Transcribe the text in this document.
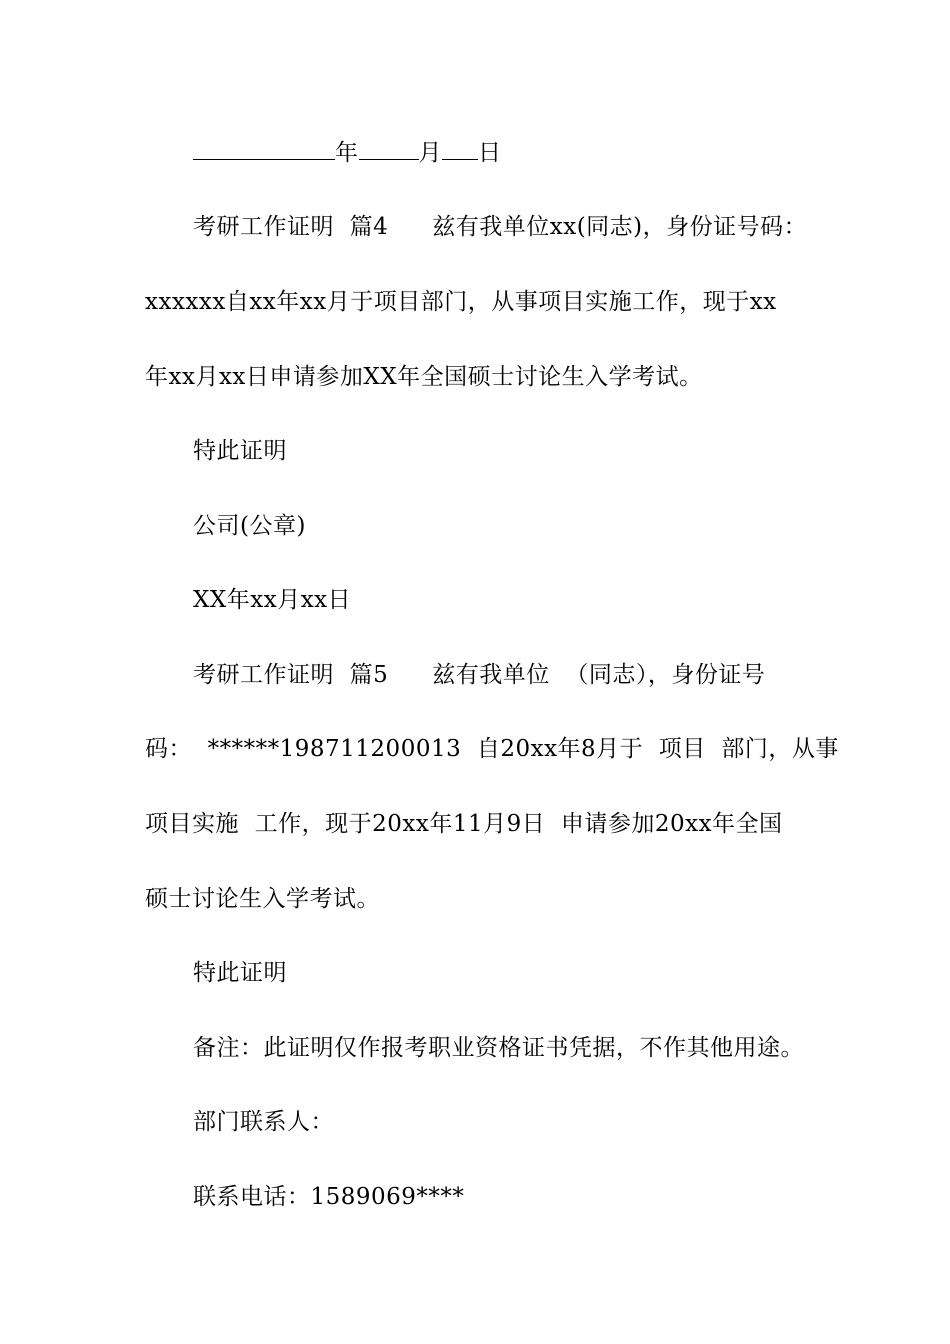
年	月 日
考研工作证明  篇4 兹有我单位xx(同志)，身份证号码：
xxxxxx自xx年xx月于项目部门，从事项目实施工作，现于xx
年xx月xx日申请参加XX年全国硕士讨论生入学考试。
特此证明
公司(公章)
XX年xx月xx日
考研工作证明  篇5 兹有我单位  （同志），身份证号
码：  ******198711200013  自20xx年8月于  项目  部门，从事
项目实施  工作，现于20xx年11月9日  申请参加20xx年全国
硕士讨论生入学考试。
特此证明
备注：此证明仅作报考职业资格证书凭据，不作其他用途。
部门联系人：
联系电话：1589069****
